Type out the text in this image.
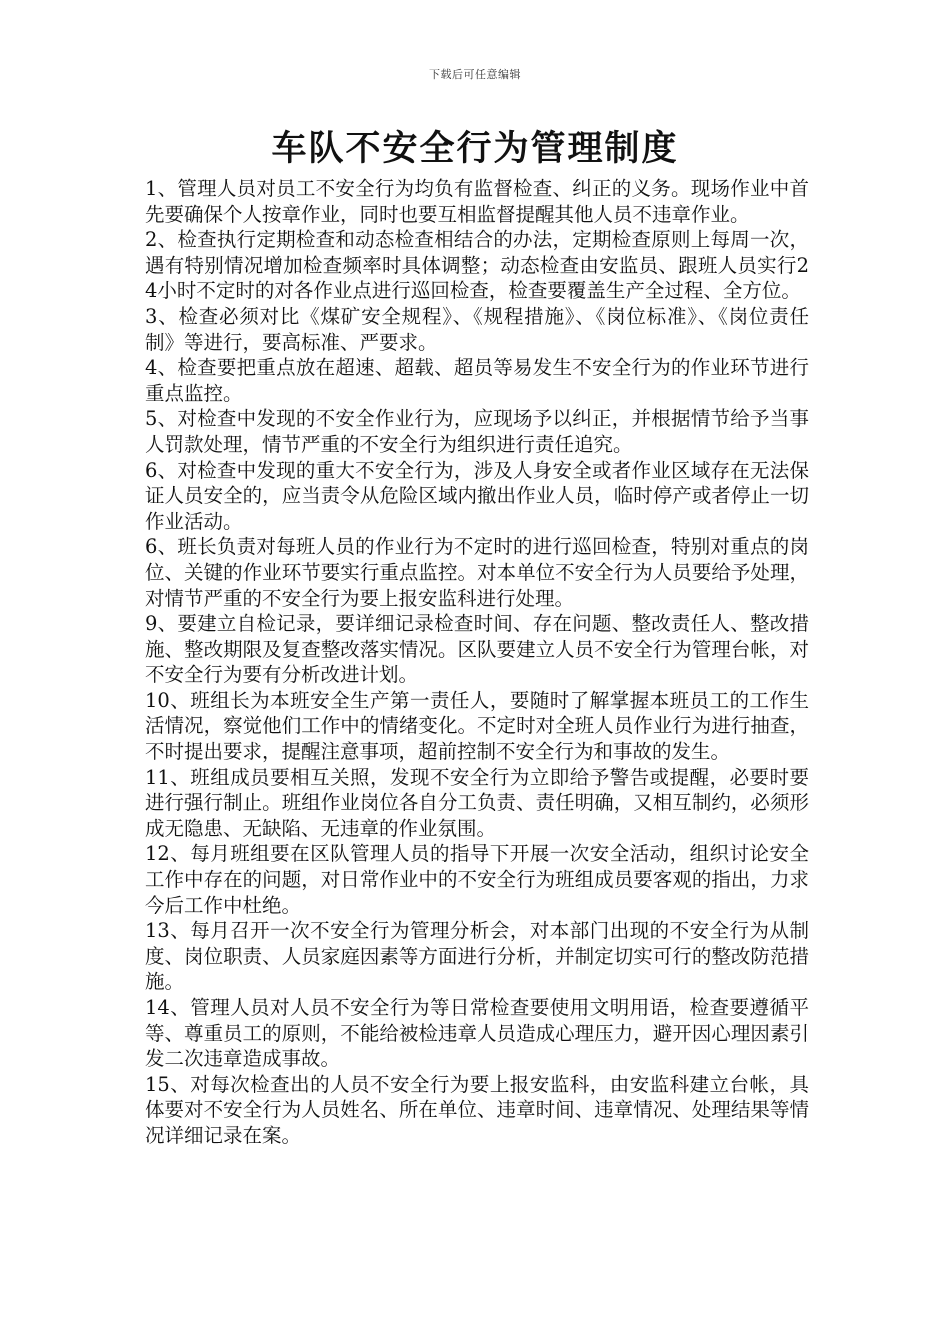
下载后可任意编辑
车队不安全行为管理制度

1、管理人员对员工不安全行为均负有监督检查、纠正的义务。现场作业中首先要确保个人按章作业，同时也要互相监督提醒其他人员不违章作业。

2、检查执行定期检查和动态检查相结合的办法，定期检查原则上每周一次，遇有特别情况增加检查频率时具体调整；动态检查由安监员、跟班人员实行24小时不定时的对各作业点进行巡回检查，检查要覆盖生产全过程、全方位。

3、检查必须对比《煤矿安全规程》、《规程措施》、《岗位标准》、《岗位责任制》等进行，要高标准、严要求。

4、检查要把重点放在超速、超载、超员等易发生不安全行为的作业环节进行重点监控。

5、对检查中发现的不安全作业行为，应现场予以纠正，并根据情节给予当事人罚款处理，情节严重的不安全行为组织进行责任追究。

6、对检查中发现的重大不安全行为，涉及人身安全或者作业区域存在无法保证人员安全的，应当责令从危险区域内撤出作业人员，临时停产或者停止一切作业活动。

6、班长负责对每班人员的作业行为不定时的进行巡回检查，特别对重点的岗位、关键的作业环节要实行重点监控。对本单位不安全行为人员要给予处理，对情节严重的不安全行为要上报安监科进行处理。

9、要建立自检记录，要详细记录检查时间、存在问题、整改责任人、整改措施、整改期限及复查整改落实情况。区队要建立人员不安全行为管理台帐，对不安全行为要有分析改进计划。

10、班组长为本班安全生产第一责任人，要随时了解掌握本班员工的工作生活情况，察觉他们工作中的情绪变化。不定时对全班人员作业行为进行抽查，不时提出要求，提醒注意事项，超前控制不安全行为和事故的发生。

11、班组成员要相互关照，发现不安全行为立即给予警告或提醒，必要时要进行强行制止。班组作业岗位各自分工负责、责任明确，又相互制约，必须形成无隐患、无缺陷、无违章的作业氛围。

12、每月班组要在区队管理人员的指导下开展一次安全活动，组织讨论安全工作中存在的问题，对日常作业中的不安全行为班组成员要客观的指出，力求今后工作中杜绝。

13、每月召开一次不安全行为管理分析会，对本部门出现的不安全行为从制度、岗位职责、人员家庭因素等方面进行分析，并制定切实可行的整改防范措施。

14、管理人员对人员不安全行为等日常检查要使用文明用语，检查要遵循平等、尊重员工的原则，不能给被检违章人员造成心理压力，避开因心理因素引发二次违章造成事故。

15、对每次检查出的人员不安全行为要上报安监科，由安监科建立台帐，具体要对不安全行为人员姓名、所在单位、违章时间、违章情况、处理结果等情况详细记录在案。
